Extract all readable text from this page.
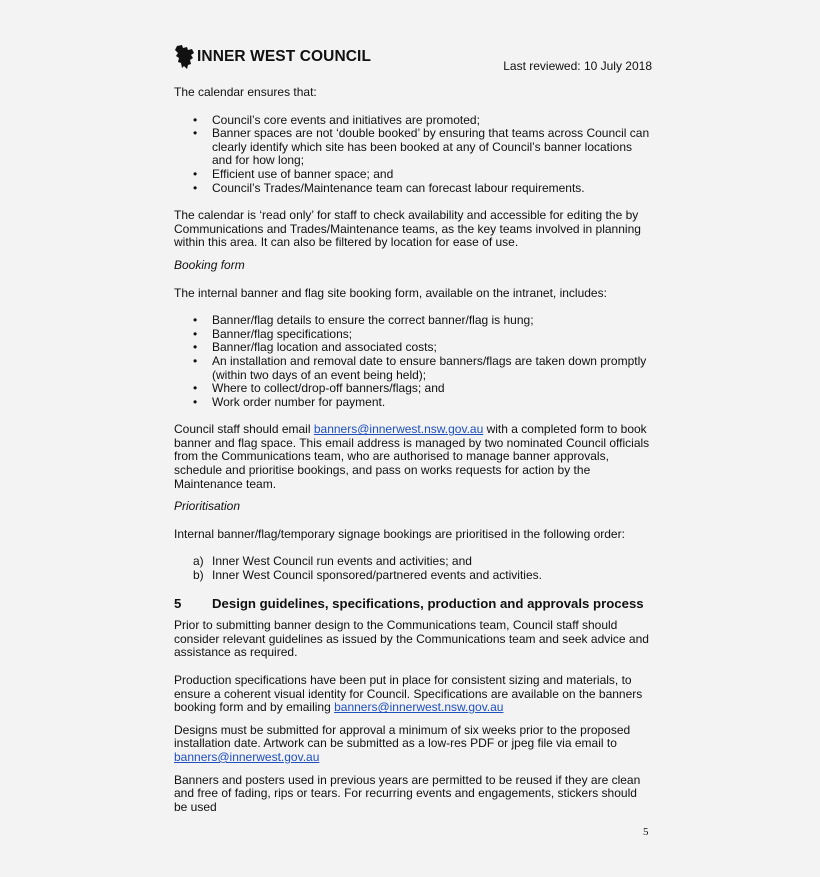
INNER WEST COUNCIL
Last reviewed: 10 July 2018

The calendar ensures that:

• Council’s core events and initiatives are promoted;
• Banner spaces are not ‘double booked’ by ensuring that teams across Council can clearly identify which site has been booked at any of Council’s banner locations and for how long;
• Efficient use of banner space; and
• Council’s Trades/Maintenance team can forecast labour requirements.

The calendar is ‘read only’ for staff to check availability and accessible for editing the by Communications and Trades/Maintenance teams, as the key teams involved in planning within this area. It can also be filtered by location for ease of use.

Booking form

The internal banner and flag site booking form, available on the intranet, includes:

• Banner/flag details to ensure the correct banner/flag is hung;
• Banner/flag specifications;
• Banner/flag location and associated costs;
• An installation and removal date to ensure banners/flags are taken down promptly (within two days of an event being held);
• Where to collect/drop-off banners/flags; and
• Work order number for payment.

Council staff should email banners@innerwest.nsw.gov.au with a completed form to book banner and flag space. This email address is managed by two nominated Council officials from the Communications team, who are authorised to manage banner approvals, schedule and prioritise bookings, and pass on works requests for action by the Maintenance team.

Prioritisation

Internal banner/flag/temporary signage bookings are prioritised in the following order:

a) Inner West Council run events and activities; and
b) Inner West Council sponsored/partnered events and activities.
5	Design guidelines, specifications, production and approvals process

Prior to submitting banner design to the Communications team, Council staff should consider relevant guidelines as issued by the Communications team and seek advice and assistance as required.

Production specifications have been put in place for consistent sizing and materials, to ensure a coherent visual identity for Council. Specifications are available on the banners booking form and by emailing banners@innerwest.nsw.gov.au

Designs must be submitted for approval a minimum of six weeks prior to the proposed installation date. Artwork can be submitted as a low-res PDF or jpeg file via email to banners@innerwest.gov.au

Banners and posters used in previous years are permitted to be reused if they are clean and free of fading, rips or tears. For recurring events and engagements, stickers should be used

5
